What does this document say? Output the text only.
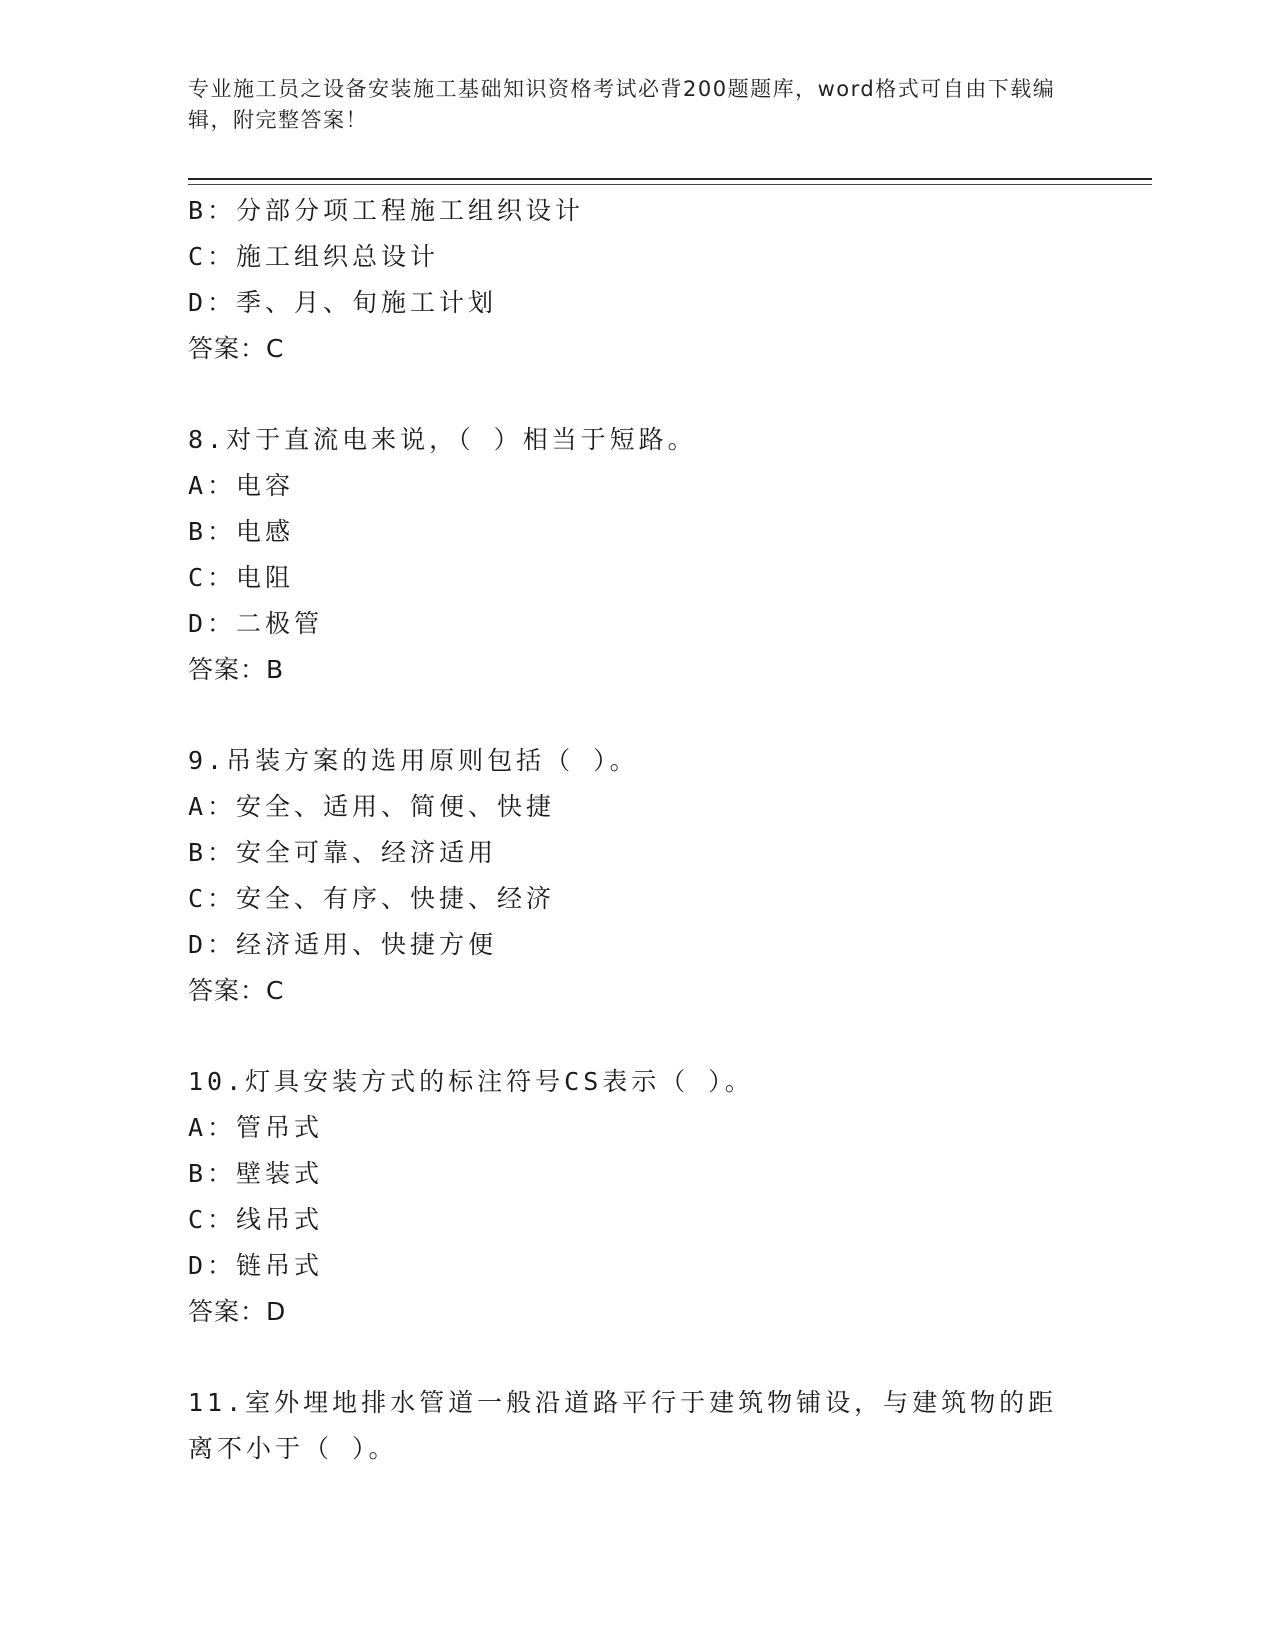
专业施工员之设备安装施工基础知识资格考试必背200题题库，word格式可自由下载编辑，附完整答案！
B：分部分项工程施工组织设计
C：施工组织总设计
D：季、月、旬施工计划
答案：C
8.对于直流电来说，（ ）相当于短路。
A：电容
B：电感
C：电阻
D：二极管
答案：B
9.吊装方案的选用原则包括（ ）。
A：安全、适用、简便、快捷
B：安全可靠、经济适用
C：安全、有序、快捷、经济
D：经济适用、快捷方便
答案：C
10.灯具安装方式的标注符号CS表示（ ）。
A：管吊式
B：壁装式
C：线吊式
D：链吊式
答案：D
11.室外埋地排水管道一般沿道路平行于建筑物铺设，与建筑物的距离不小于（ ）。
